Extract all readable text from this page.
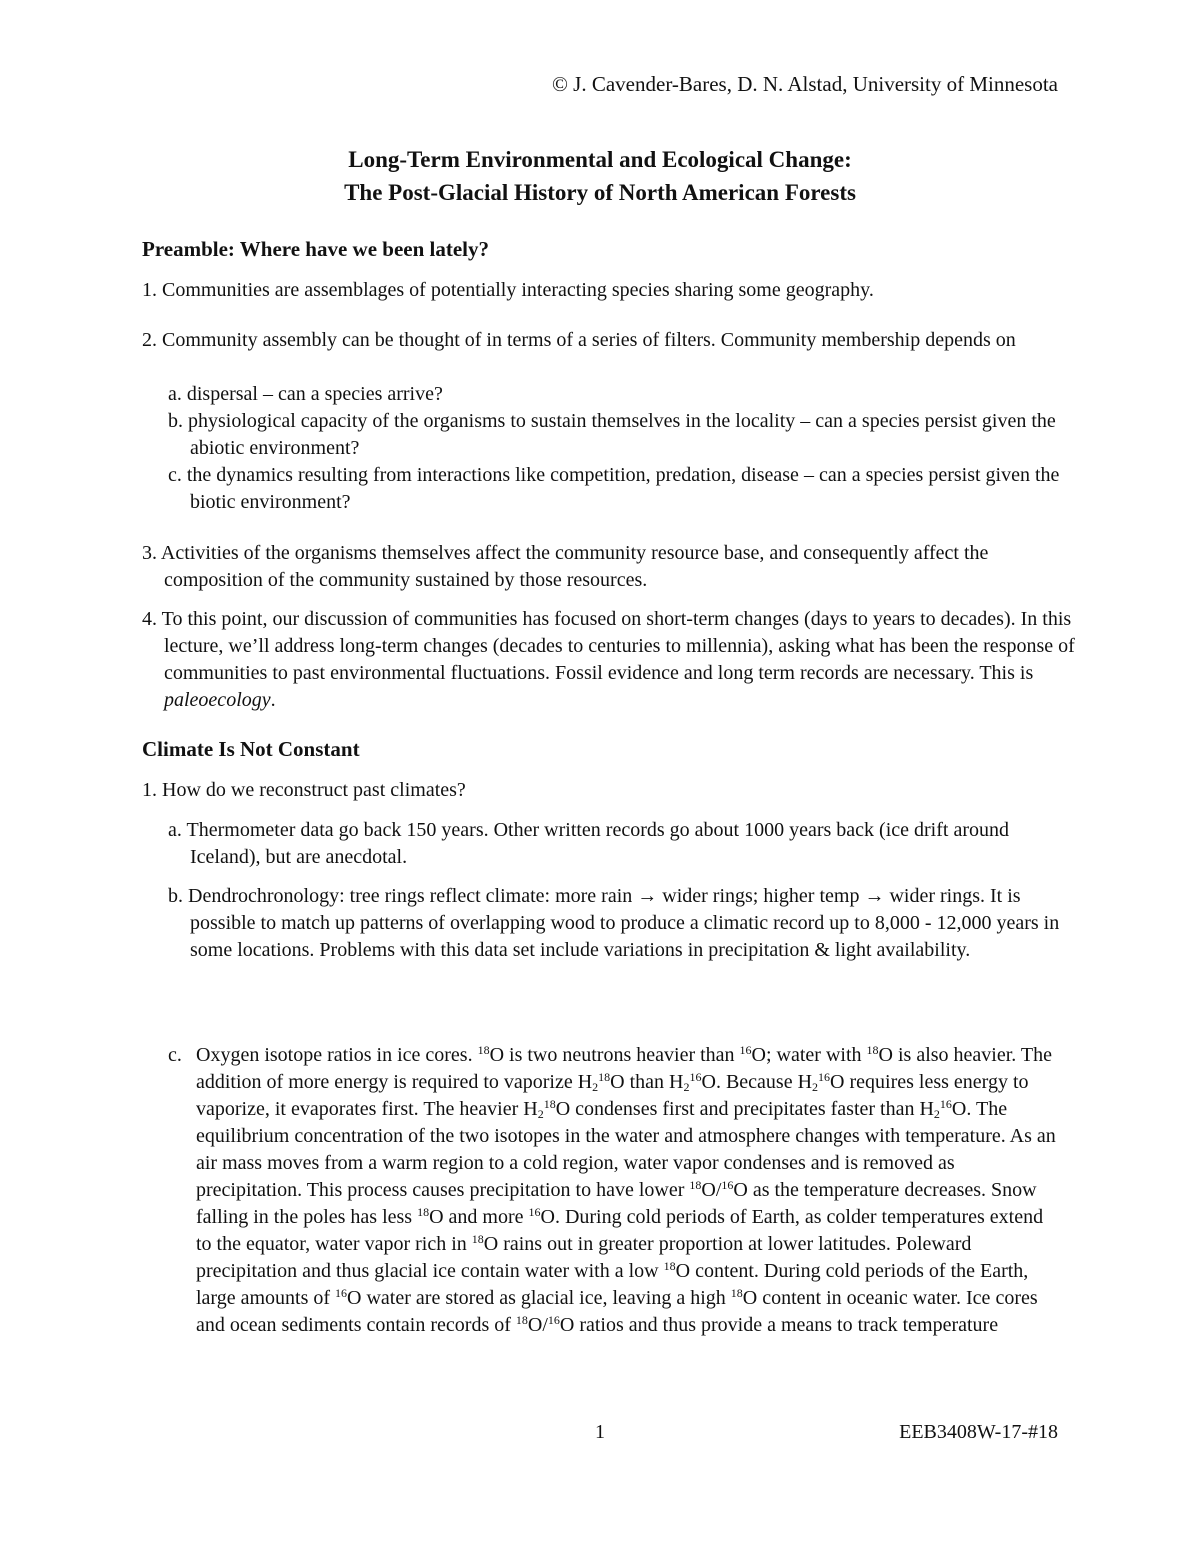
© J. Cavender-Bares, D. N. Alstad, University of Minnesota
Long-Term Environmental and Ecological Change:
The Post-Glacial History of North American Forests
Preamble: Where have we been lately?
1. Communities are assemblages of potentially interacting species sharing some geography.
2. Community assembly can be thought of in terms of a series of filters. Community membership depends on
a. dispersal – can a species arrive?
b. physiological capacity of the organisms to sustain themselves in the locality – can a species persist given the abiotic environment?
c. the dynamics resulting from interactions like competition, predation, disease – can a species persist given the biotic environment?
3. Activities of the organisms themselves affect the community resource base, and consequently affect the composition of the community sustained by those resources.
4. To this point, our discussion of communities has focused on short-term changes (days to years to decades). In this lecture, we’ll address long-term changes (decades to centuries to millennia), asking what has been the response of communities to past environmental fluctuations. Fossil evidence and long term records are necessary. This is paleoecology.
Climate Is Not Constant
1. How do we reconstruct past climates?
a. Thermometer data go back 150 years. Other written records go about 1000 years back (ice drift around Iceland), but are anecdotal.
b. Dendrochronology: tree rings reflect climate: more rain → wider rings; higher temp → wider rings. It is possible to match up patterns of overlapping wood to produce a climatic record up to 8,000 - 12,000 years in some locations. Problems with this data set include variations in precipitation & light availability.
c. Oxygen isotope ratios in ice cores. $^{18}$O is two neutrons heavier than $^{16}$O; water with $^{18}$O is also heavier. The addition of more energy is required to vaporize $H_2^{18}O$ than $H_2^{16}O$. Because $H_2^{16}O$ requires less energy to vaporize, it evaporates first. The heavier $H_2^{18}O$ condenses first and precipitates faster than $H_2^{16}O$. The equilibrium concentration of the two isotopes in the water and atmosphere changes with temperature. As an air mass moves from a warm region to a cold region, water vapor condenses and is removed as precipitation. This process causes precipitation to have lower $^{18}$O/$^{16}$O as the temperature decreases. Snow falling in the poles has less $^{18}$O and more $^{16}$O. During cold periods of Earth, as colder temperatures extend to the equator, water vapor rich in $^{18}$O rains out in greater proportion at lower latitudes. Poleward precipitation and thus glacial ice contain water with a low $^{18}$O content. During cold periods of the Earth, large amounts of $^{16}$O water are stored as glacial ice, leaving a high $^{18}$O content in oceanic water. Ice cores and ocean sediments contain records of $^{18}$O/$^{16}$O ratios and thus provide a means to track temperature
1	EEB3408W-17-#18
